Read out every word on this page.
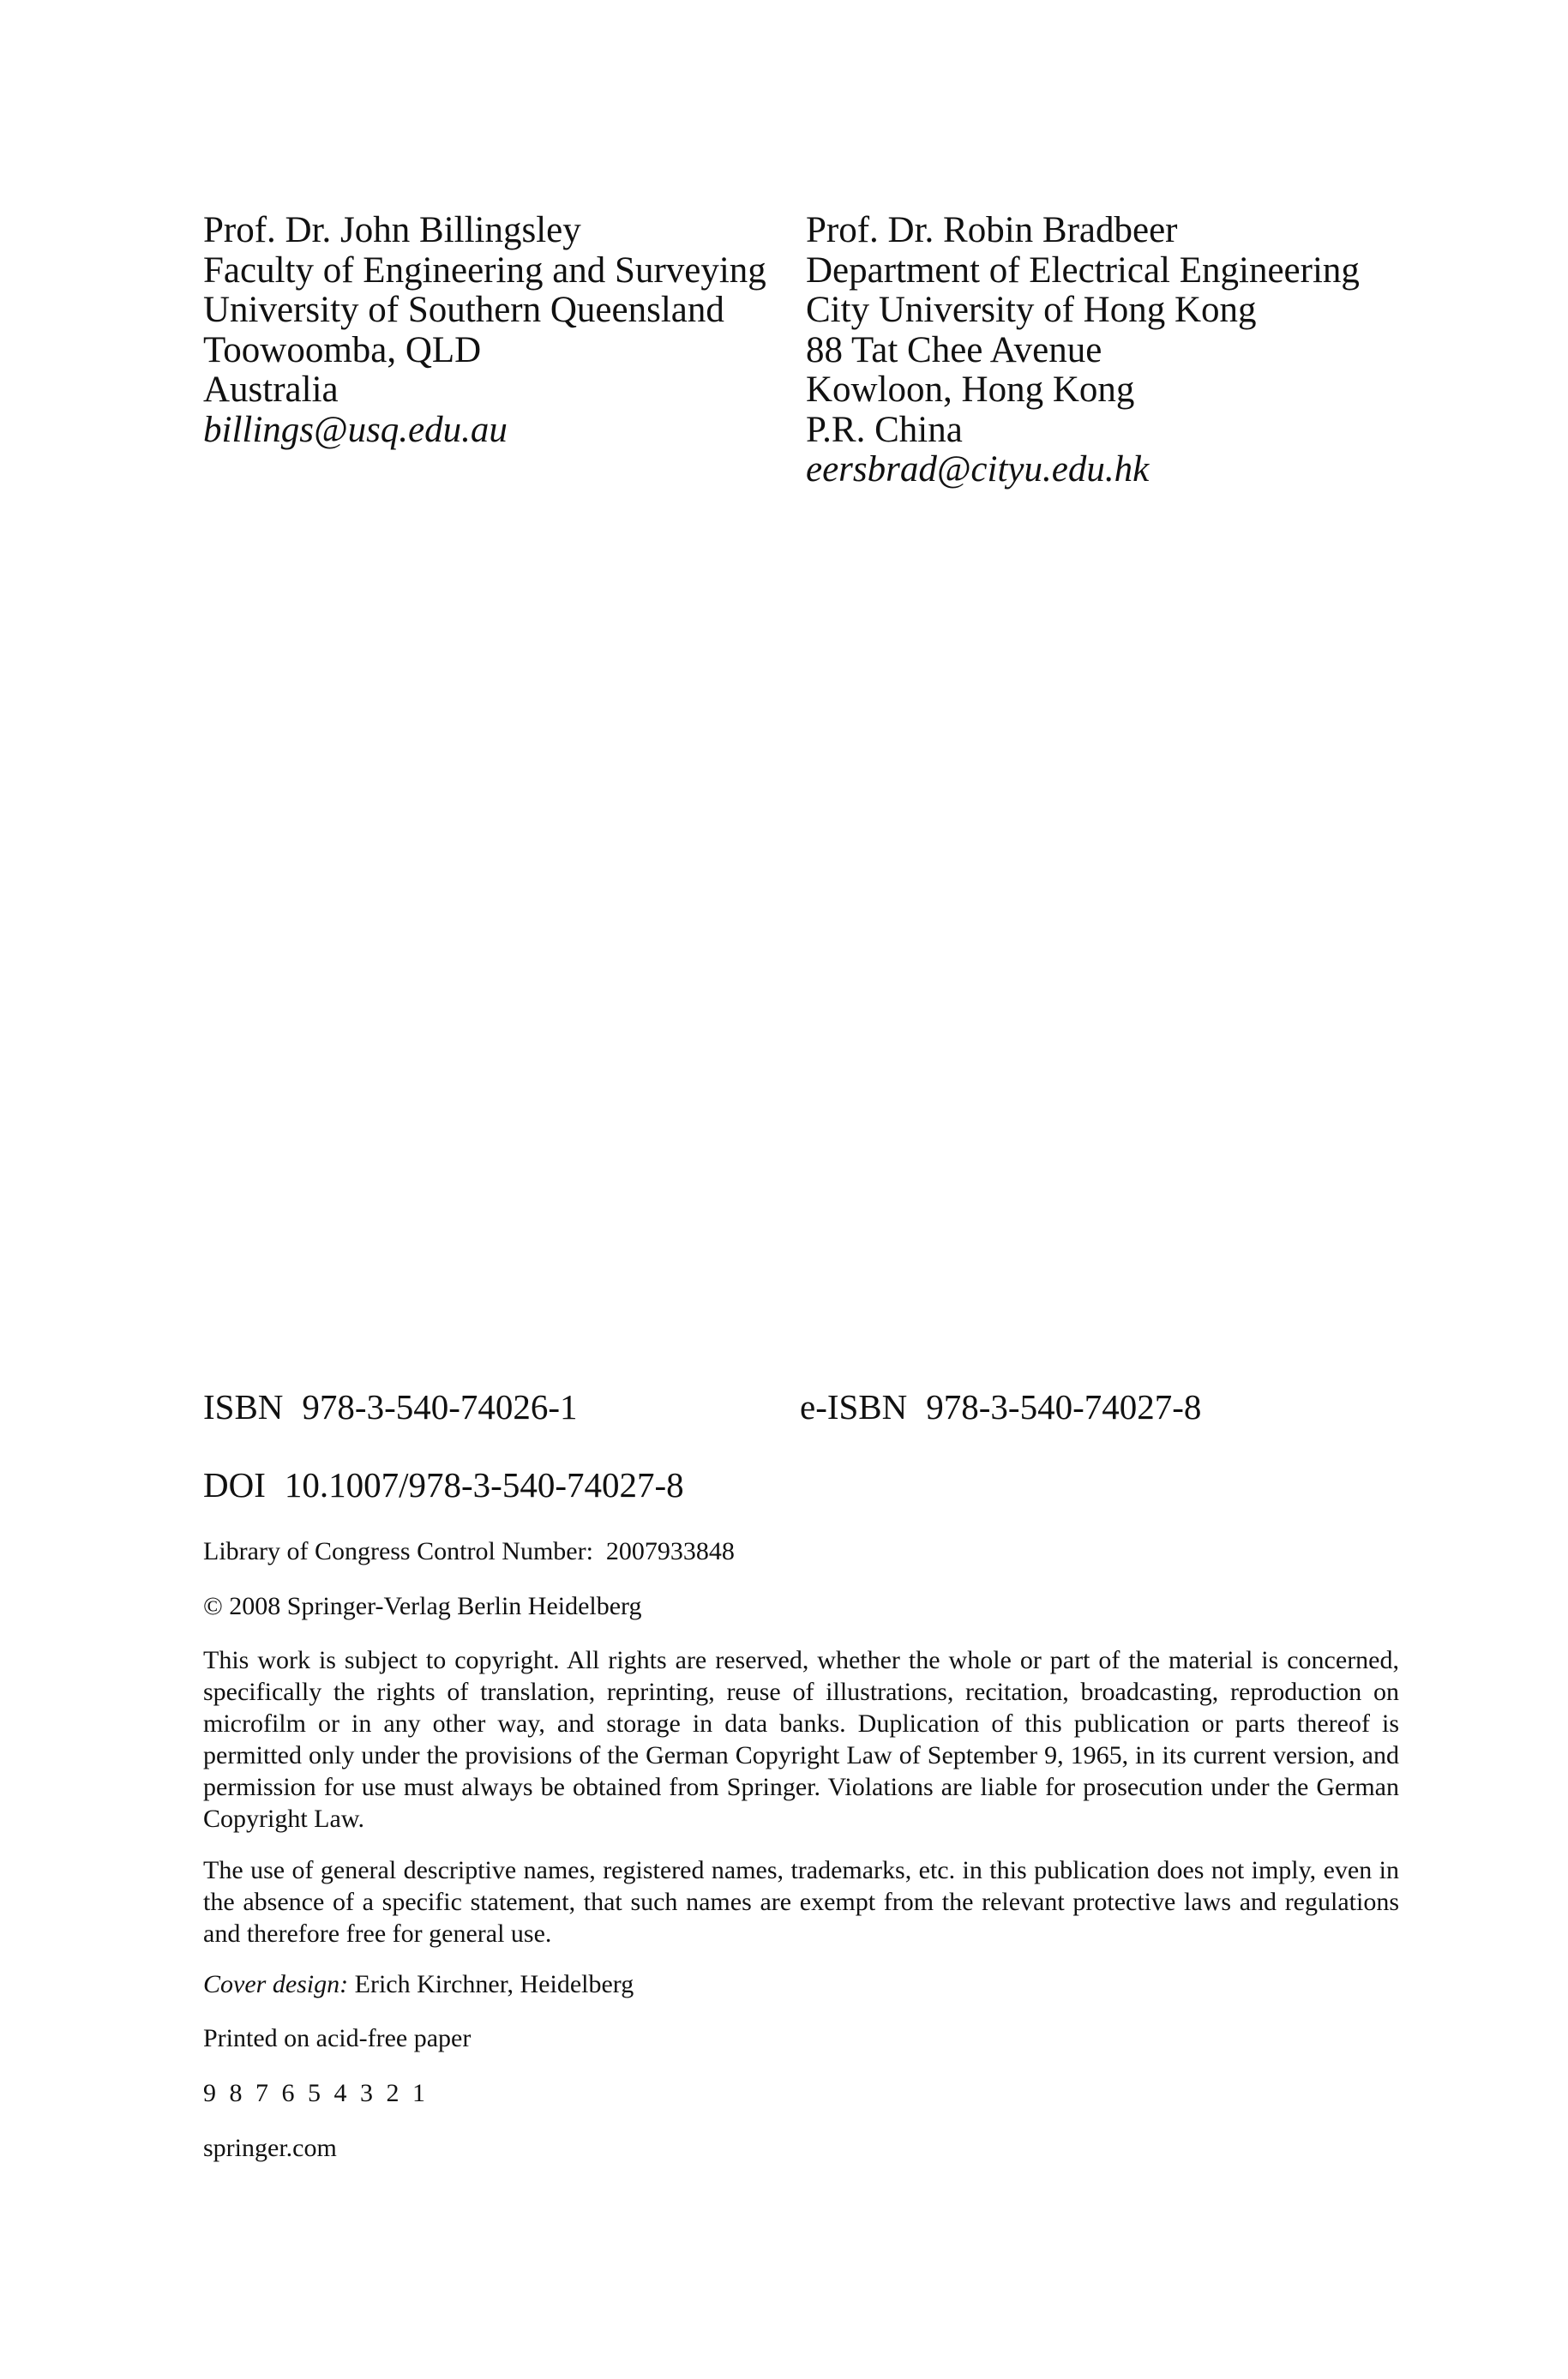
Prof. Dr. John Billingsley
Faculty of Engineering and Surveying
University of Southern Queensland
Toowoomba, QLD
Australia
billings@usq.edu.au
Prof. Dr. Robin Bradbeer
Department of Electrical Engineering
City University of Hong Kong
88 Tat Chee Avenue
Kowloon, Hong Kong
P.R. China
eersbrad@cityu.edu.hk
ISBN 978-3-540-74026-1	e-ISBN 978-3-540-74027-8
DOI 10.1007/978-3-540-74027-8
Library of Congress Control Number:  2007933848
© 2008 Springer-Verlag Berlin Heidelberg

This work is subject to copyright. All rights are reserved, whether the whole or part of the material is concerned, specifically the rights of translation, reprinting, reuse of illustrations, recitation, broadcasting, reproduction on microfilm or in any other way, and storage in data banks. Duplication of this publication or parts thereof is permitted only under the provisions of the German Copyright Law of September 9, 1965, in its current version, and permission for use must always be obtained from Springer. Violations are liable for prosecution under the German Copyright Law.

The use of general descriptive names, registered names, trademarks, etc. in this publication does not imply, even in the absence of a specific statement, that such names are exempt from the relevant protective laws and regulations and therefore free for general use.

Cover design: Erich Kirchner, Heidelberg
Printed on acid-free paper
9 8 7 6 5 4 3 2 1
springer.com
